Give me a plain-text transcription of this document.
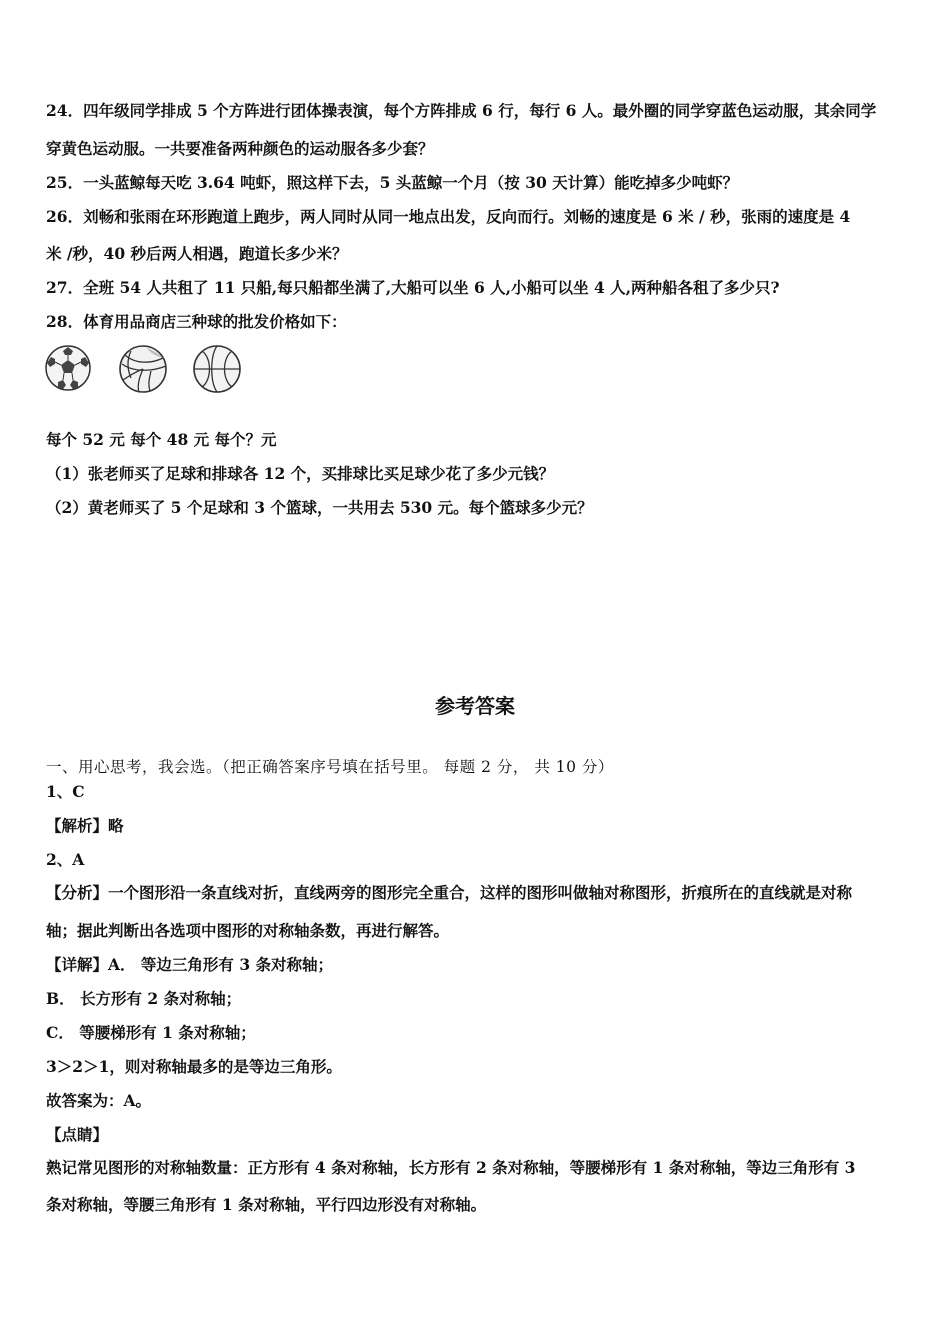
24．四年级同学排成 5 个方阵进行团体操表演，每个方阵排成 6 行，每行 6 人。最外圈的同学穿蓝色运动服，其余同学
穿黄色运动服。一共要准备两种颜色的运动服各多少套？
25．一头蓝鲸每天吃 3.64 吨虾，照这样下去，5 头蓝鲸一个月（按 30 天计算）能吃掉多少吨虾？
26．刘畅和张雨在环形跑道上跑步，两人同时从同一地点出发，反向而行。刘畅的速度是 6 米 / 秒，张雨的速度是 4
米 /秒，40 秒后两人相遇，跑道长多少米？
27．全班 54 人共租了 11 只船,每只船都坐满了,大船可以坐 6 人,小船可以坐 4 人,两种船各租了多少只?
28．体育用品商店三种球的批发价格如下：
每个 52 元 每个 48 元 每个？元
（1）张老师买了足球和排球各 12 个，买排球比买足球少花了多少元钱？
（2）黄老师买了 5 个足球和 3 个篮球，一共用去 530 元。每个篮球多少元？
参考答案
一、用心思考，我会选。（把正确答案序号填在括号里。 每题 2 分， 共 10 分）
1、C
【解析】略
2、A
【分析】一个图形沿一条直线对折，直线两旁的图形完全重合，这样的图形叫做轴对称图形，折痕所在的直线就是对称
轴；据此判断出各选项中图形的对称轴条数，再进行解答。
【详解】A． 等边三角形有 3 条对称轴；
B． 长方形有 2 条对称轴；
C． 等腰梯形有 1 条对称轴；
3＞2＞1，则对称轴最多的是等边三角形。
故答案为：A。
【点睛】
熟记常见图形的对称轴数量：正方形有 4 条对称轴，长方形有 2 条对称轴，等腰梯形有 1 条对称轴，等边三角形有 3
条对称轴，等腰三角形有 1 条对称轴，平行四边形没有对称轴。
